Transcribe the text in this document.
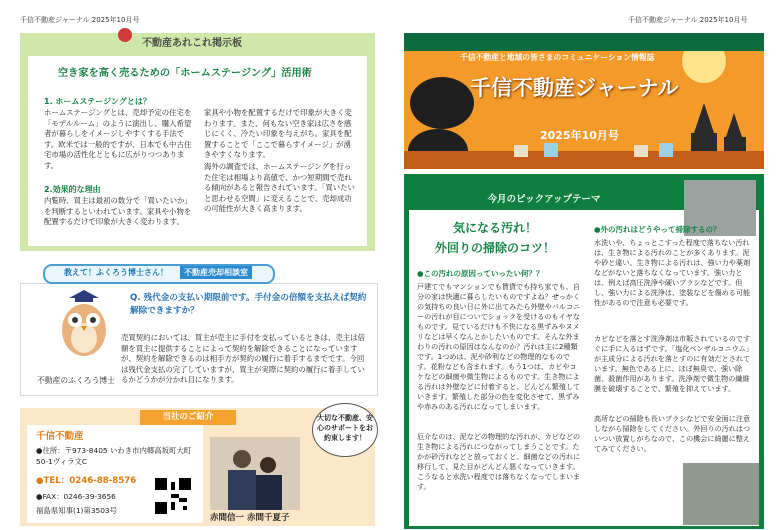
千信不動産ジャーナル 2025年10月号	千信不動産ジャーナル 2025年10月号
不動産あれこれ掲示板
空き家を高く売るための「ホームステージング」活用術
1. ホームステージングとは？
ホームステージングとは、売却予定の住宅を「モデルルーム」のように演出し、購入希望者が暮らしをイメージしやすくする手法です。欧米では一般的ですが、日本でも中古住宅市場の活性化とともに広がりつつあります。
2.効果的な理由
内覧時、買主は最初の数分で「買いたいか」を判断するといわれています。家具や小物を配置するだけで印象が大きく変わります。
家具や小物を配置するだけで印象が大きく変わります。また、何もない空き家は広さを感じにくく、冷たい印象を与えがち。家具を配置することで「ここで暮らすイメージ」が湧きやすくなります。
海外の調査では、ホームステージングを行った住宅は相場より高値で、かつ短期間で売れる傾向があると報告されています。「買いたいと思わせる空間」に変えることで、売却成功の可能性が大きく高まります。
教えて！ふくろう博士さん！	不動産売却相談室
不動産のふくろう博士
Q. 残代金の支払い期限前です。手付金の倍額を支払えば契約解除できますか？
売買契約においては、買主が売主に手付を支払っているときは、売主は倍額を買主に提供することによって契約を解除できることになっていますが、契約を解除できるのは相手方が契約の履行に着手するまでです。今回は残代金支払の完了していますが、買主が実際に契約の履行に着手しているかどうかが分かれ目になります。
当社のご紹介
千信不動産
●住所：〒973-8405 いわき市内郷高坂町大町50-1ヴィラ文C
●TEL：0246-88-8576
●FAX：0246-39-3656
福島県知事(1)第3503号
赤間信一 赤間千夏子
大切な不動産、安心のサポートをお約束します！
千信不動産と地域の皆さまのコミュニケーション情報誌
千信不動産ジャーナル
2025年10月号
今月のピックアップテーマ
気になる汚れ！
外回りの掃除のコツ！
●この汚れの原因っていったい何？？
戸建てでもマンションでも賃貸でも持ち家でも、自分の家は快適に暮らしたいものですよね？せっかくの気持ちの良い日に外に出てみたら外壁やバルコニーの汚れが目についてショックを受けるのもイヤなものです。見ているだけも不快になる黒ずみやヌメリなどは早くなんとかしたいものです。そんな外まわりの汚れの原因はなんなのか？汚れは主に2種類です。1つめは、泥や砂利などの物理的なものです。花粉なども含まれます。もう1つは、カビやコケなどの細菌や微生物によるものです。生き物による汚れは外壁などに付着すると、どんどん繁殖していきます。繁殖した部分の色を変化させて、黒ずみや赤みのある汚れになってしまいます。
厄介なのは、泥などの物理的な汚れが、カビなどの生き物による汚れにつながってしまうことです。たかが砂汚れなどと放っておくと、細菌などの汚れに移行して、見た目がどんどん悪くなっていきます。こうなると水洗い程度では落ちなくなってしまいます。
●外の汚れはどうやって掃除するの？
水洗いや、ちょっとこすった程度で落ちない汚れは、生き物による汚れのことが多くあります。泥や砂と違い、生き物による汚れは、強い力や薬剤などがないと落ちなくなっています。強い力とは、例えば高圧洗浄や硬いブラシなどです。但し、強い力による洗浄は、塗装などを傷める可能性があるので注意も必要です。
カビなどを落とす洗浄剤は市販されているのですぐに手に入るはずです。「塩化ベンザルコニウム」が主成分による汚れを落とすのに有効だとされています。無色である上に、ほぼ無臭で、強い除菌、殺菌作用があります。洗浄剤で微生物の繊維膜を破壊することで、繁殖を抑えています。
高所などの掃除も長いブラシなどで安全面に注意しながら掃除をしてください。外回りの汚れはついつい放置しがちなので、この機会に綺麗に整えてみてください。
